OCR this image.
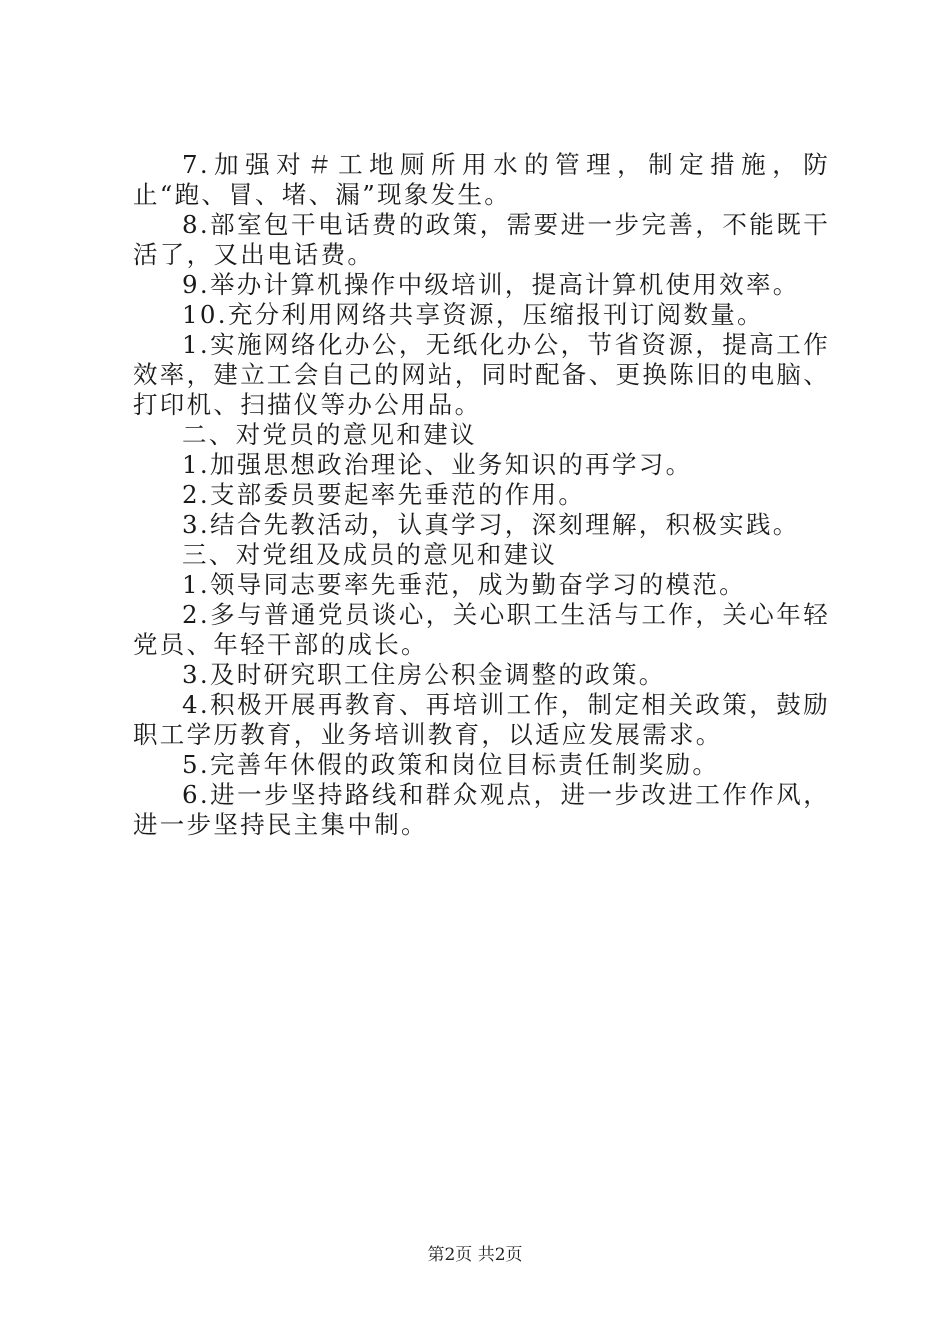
7.加强对＃工地厕所用水的管理，制定措施，防止“跑、冒、堵、漏”现象发生。

8.部室包干电话费的政策，需要进一步完善，不能既干活了，又出电话费。

9.举办计算机操作中级培训，提高计算机使用效率。

10.充分利用网络共享资源，压缩报刊订阅数量。

1.实施网络化办公，无纸化办公，节省资源，提高工作效率，建立工会自己的网站，同时配备、更换陈旧的电脑、打印机、扫描仪等办公用品。

二、对党员的意见和建议

1.加强思想政治理论、业务知识的再学习。

2.支部委员要起率先垂范的作用。

3.结合先教活动，认真学习，深刻理解，积极实践。

三、对党组及成员的意见和建议

1.领导同志要率先垂范，成为勤奋学习的模范。

2.多与普通党员谈心，关心职工生活与工作，关心年轻党员、年轻干部的成长。

3.及时研究职工住房公积金调整的政策。

4.积极开展再教育、再培训工作，制定相关政策，鼓励职工学历教育，业务培训教育，以适应发展需求。

5.完善年休假的政策和岗位目标责任制奖励。

6.进一步坚持路线和群众观点，进一步改进工作作风，进一步坚持民主集中制。

第2页 共2页
